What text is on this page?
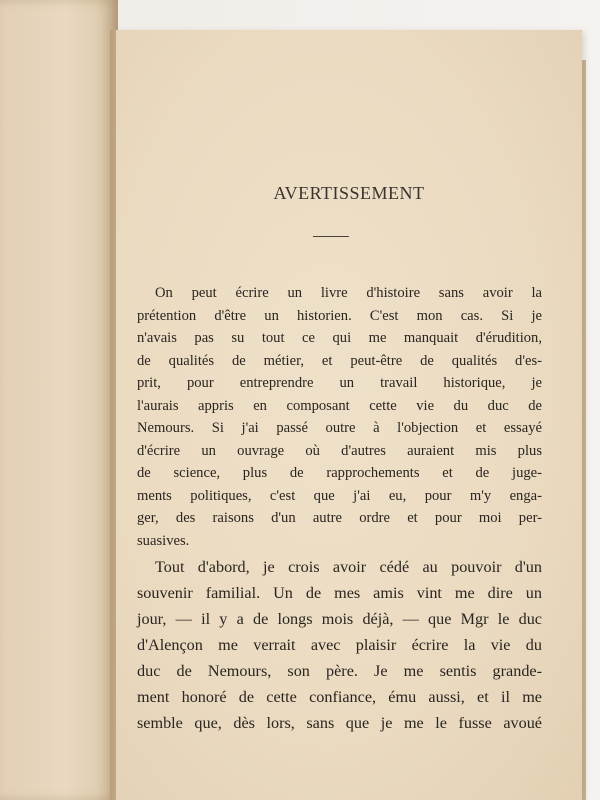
AVERTISSEMENT
On peut écrire un livre d'histoire sans avoir la
prétention d'être un historien. C'est mon cas. Si je
n'avais pas su tout ce qui me manquait d'érudition,
de qualités de métier, et peut-être de qualités d'es-
prit, pour entreprendre un travail historique, je
l'aurais appris en composant cette vie du duc de
Nemours. Si j'ai passé outre à l'objection et essayé
d'écrire un ouvrage où d'autres auraient mis plus
de science, plus de rapprochements et de juge-
ments politiques, c'est que j'ai eu, pour m'y enga-
ger, des raisons d'un autre ordre et pour moi per-
suasives.
Tout d'abord, je crois avoir cédé au pouvoir d'un
souvenir familial. Un de mes amis vint me dire un
jour, — il y a de longs mois déjà, — que Mgr le duc
d'Alençon me verrait avec plaisir écrire la vie du
duc de Nemours, son père. Je me sentis grande-
ment honoré de cette confiance, ému aussi, et il me
semble que, dès lors, sans que je me le fusse avoué
